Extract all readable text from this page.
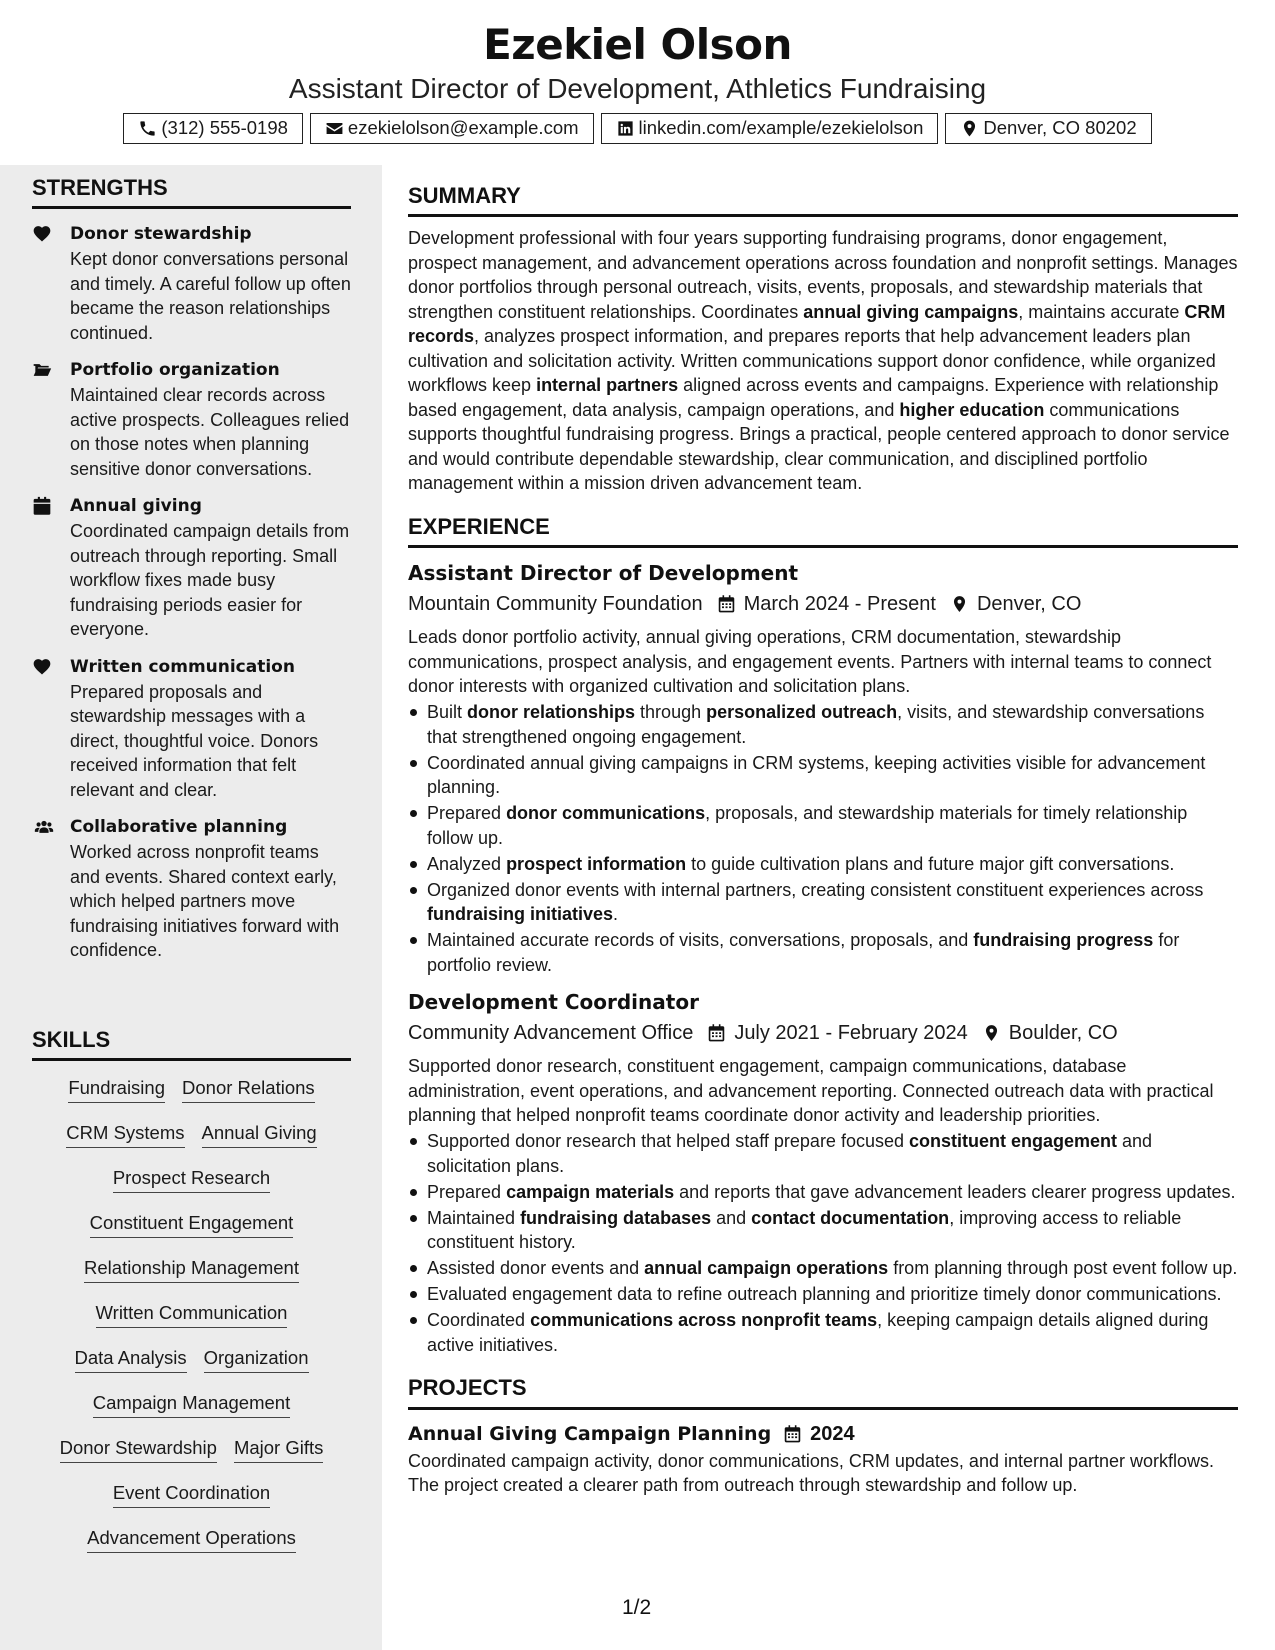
Ezekiel Olson
Assistant Director of Development, Athletics Fundraising
(312) 555-0198	ezekielolson@example.com	linkedin.com/example/ezekielolson	Denver, CO 80202
STRENGTHS
Donor stewardship
Kept donor conversations personal and timely. A careful follow up often became the reason relationships continued.
Portfolio organization
Maintained clear records across active prospects. Colleagues relied on those notes when planning sensitive donor conversations.
Annual giving
Coordinated campaign details from outreach through reporting. Small workflow fixes made busy fundraising periods easier for everyone.
Written communication
Prepared proposals and stewardship messages with a direct, thoughtful voice. Donors received information that felt relevant and clear.
Collaborative planning
Worked across nonprofit teams and events. Shared context early, which helped partners move fundraising initiatives forward with confidence.
SKILLS
Fundraising Donor Relations
CRM Systems Annual Giving
Prospect Research
Constituent Engagement
Relationship Management
Written Communication
Data Analysis Organization
Campaign Management
Donor Stewardship Major Gifts
Event Coordination
Advancement Operations
SUMMARY
Development professional with four years supporting fundraising programs, donor engagement, prospect management, and advancement operations across foundation and nonprofit settings. Manages donor portfolios through personal outreach, visits, events, proposals, and stewardship materials that strengthen constituent relationships. Coordinates annual giving campaigns, maintains accurate CRM records, analyzes prospect information, and prepares reports that help advancement leaders plan cultivation and solicitation activity. Written communications support donor confidence, while organized workflows keep internal partners aligned across events and campaigns. Experience with relationship based engagement, data analysis, campaign operations, and higher education communications supports thoughtful fundraising progress. Brings a practical, people centered approach to donor service and would contribute dependable stewardship, clear communication, and disciplined portfolio management within a mission driven advancement team.
EXPERIENCE
Assistant Director of Development
Mountain Community Foundation March 2024 - Present Denver, CO
Leads donor portfolio activity, annual giving operations, CRM documentation, stewardship communications, prospect analysis, and engagement events. Partners with internal teams to connect donor interests with organized cultivation and solicitation plans.
Built donor relationships through personalized outreach, visits, and stewardship conversations that strengthened ongoing engagement.
Coordinated annual giving campaigns in CRM systems, keeping activities visible for advancement planning.
Prepared donor communications, proposals, and stewardship materials for timely relationship follow up.
Analyzed prospect information to guide cultivation plans and future major gift conversations.
Organized donor events with internal partners, creating consistent constituent experiences across fundraising initiatives.
Maintained accurate records of visits, conversations, proposals, and fundraising progress for portfolio review.
Development Coordinator
Community Advancement Office July 2021 - February 2024 Boulder, CO
Supported donor research, constituent engagement, campaign communications, database administration, event operations, and advancement reporting. Connected outreach data with practical planning that helped nonprofit teams coordinate donor activity and leadership priorities.
Supported donor research that helped staff prepare focused constituent engagement and solicitation plans.
Prepared campaign materials and reports that gave advancement leaders clearer progress updates.
Maintained fundraising databases and contact documentation, improving access to reliable constituent history.
Assisted donor events and annual campaign operations from planning through post event follow up.
Evaluated engagement data to refine outreach planning and prioritize timely donor communications.
Coordinated communications across nonprofit teams, keeping campaign details aligned during active initiatives.
PROJECTS
Annual Giving Campaign Planning 2024
Coordinated campaign activity, donor communications, CRM updates, and internal partner workflows. The project created a clearer path from outreach through stewardship and follow up.
1/2
